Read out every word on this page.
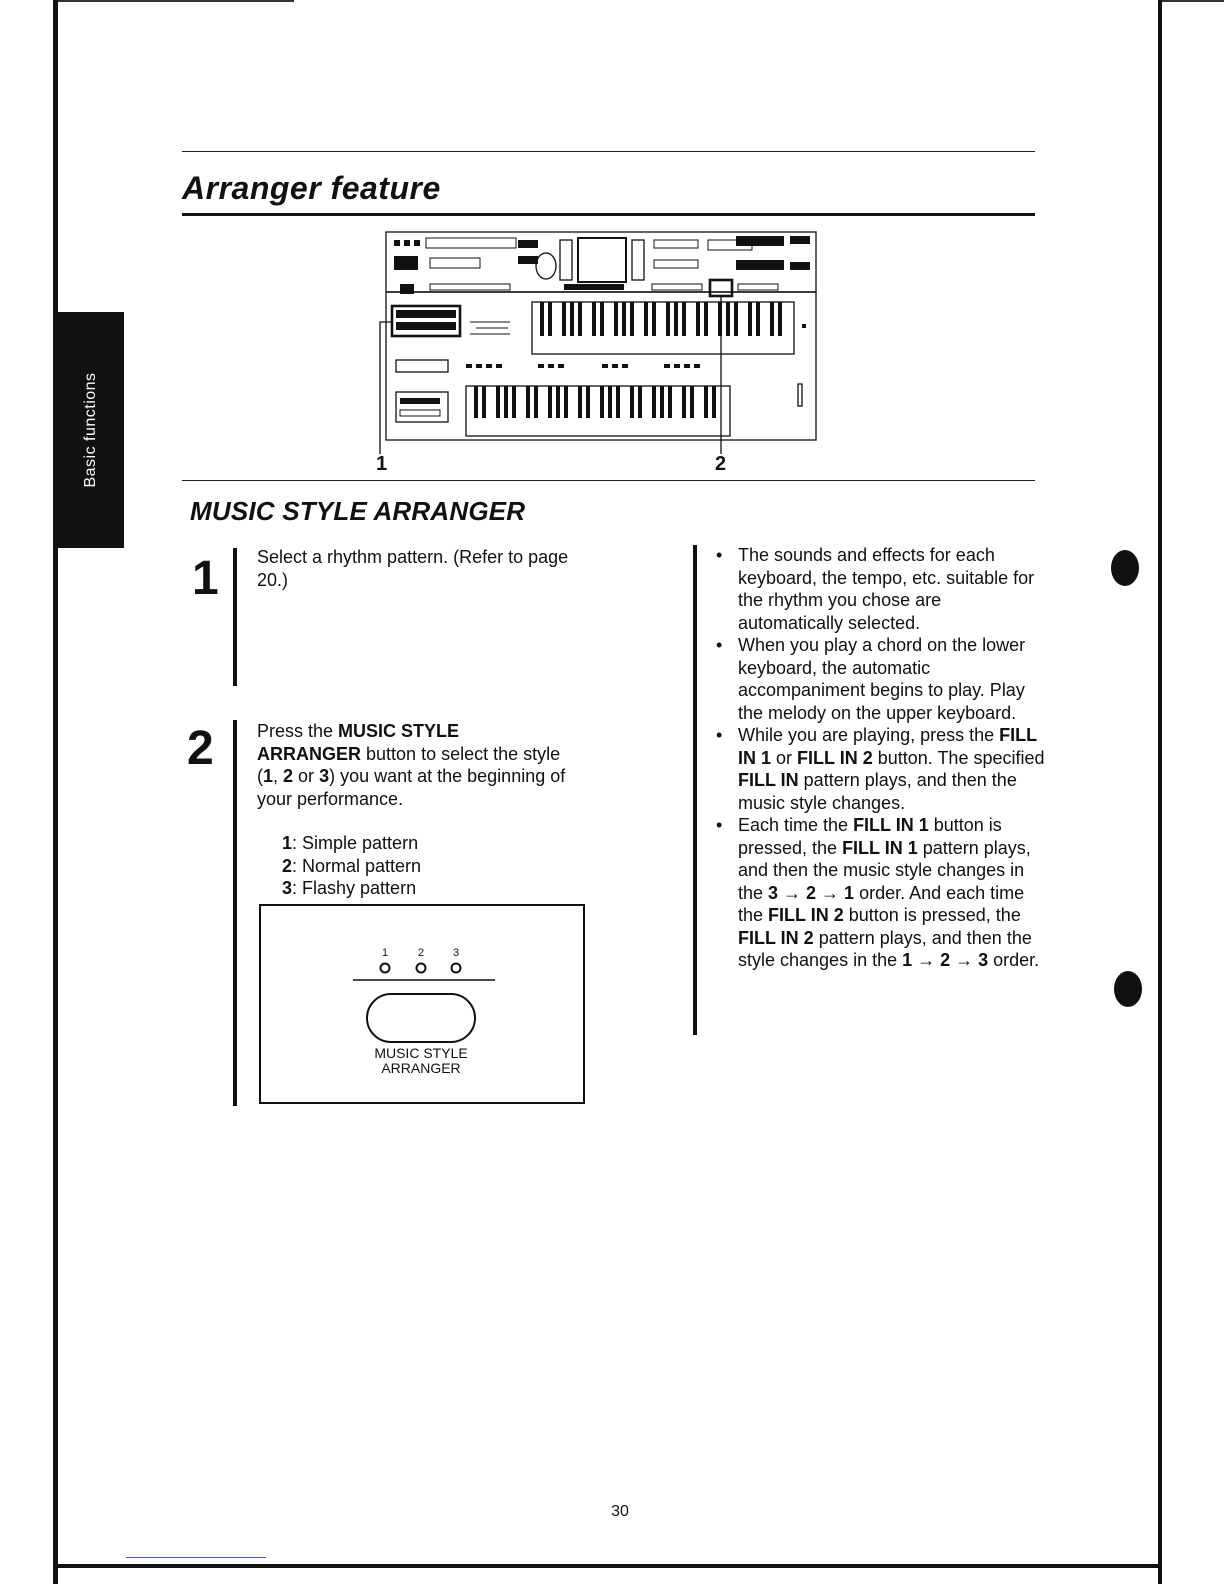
Basic functions
Arranger feature
1	2
MUSIC STYLE ARRANGER
1 Select a rhythm pattern. (Refer to page 20.)

2 Press the MUSIC STYLE ARRANGER button to select the style (1, 2 or 3) you want at the beginning of your performance.

1: Simple pattern
2: Normal pattern
3: Flashy pattern
1	2	3
MUSIC STYLE
ARRANGER
• The sounds and effects for each keyboard, the tempo, etc. suitable for the rhythm you chose are automatically selected.
• When you play a chord on the lower keyboard, the automatic accompaniment begins to play. Play the melody on the upper keyboard.
• While you are playing, press the FILL IN 1 or FILL IN 2 button. The specified FILL IN pattern plays, and then the music style changes.
• Each time the FILL IN 1 button is pressed, the FILL IN 1 pattern plays, and then the music style changes in the 3 → 2 → 1 order. And each time the FILL IN 2 button is pressed, the FILL IN 2 pattern plays, and then the style changes in the 1 → 2 → 3 order.

30
